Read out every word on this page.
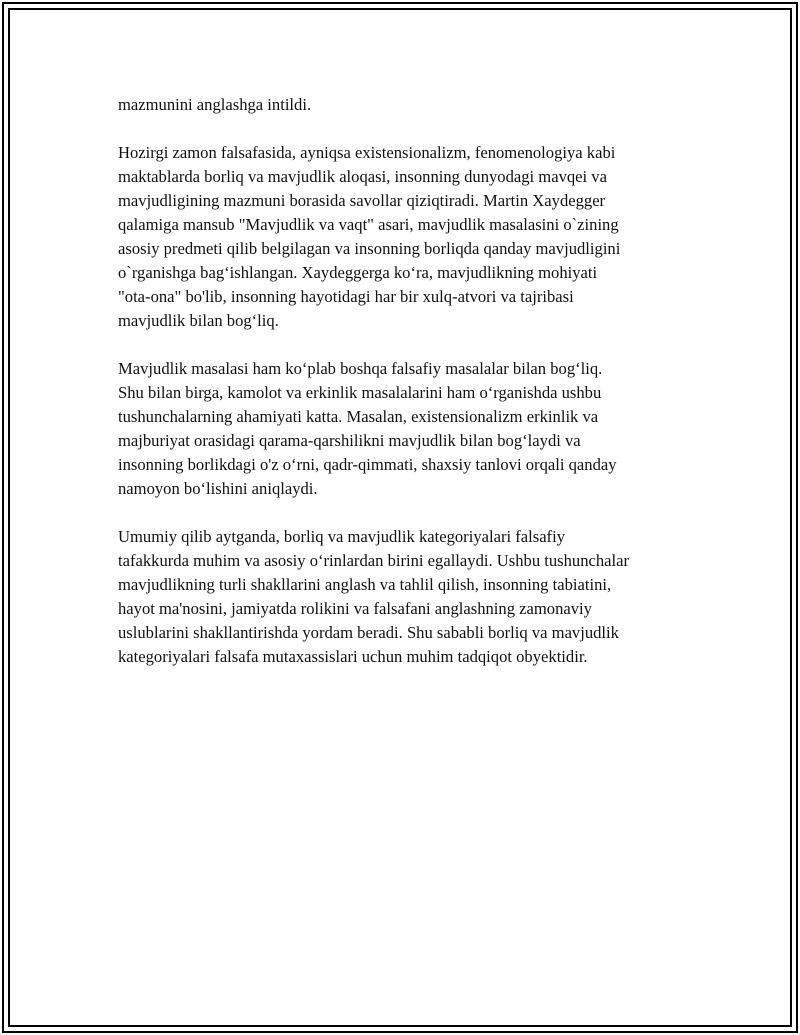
mazmunini anglashga intildi.

Hozirgi zamon falsafasida, ayniqsa existensionalizm, fenomenologiya kabi
maktablarda borliq va mavjudlik aloqasi, insonning dunyodagi mavqei va
mavjudligining mazmuni borasida savollar qiziqtiradi. Martin Xaydegger
qalamiga mansub "Mavjudlik va vaqt" asari, mavjudlik masalasini o`zining
asosiy predmeti qilib belgilagan va insonning borliqda qanday mavjudligini
o`rganishga bag‘ishlangan. Xaydeggerga ko‘ra, mavjudlikning mohiyati
"ota-ona" bo'lib, insonning hayotidagi har bir xulq-atvori va tajribasi
mavjudlik bilan bog‘liq.

Mavjudlik masalasi ham ko‘plab boshqa falsafiy masalalar bilan bog‘liq.
Shu bilan birga, kamolot va erkinlik masalalarini ham o‘rganishda ushbu
tushunchalarning ahamiyati katta. Masalan, existensionalizm erkinlik va
majburiyat orasidagi qarama-qarshilikni mavjudlik bilan bog‘laydi va
insonning borlikdagi o'z o‘rni, qadr-qimmati, shaxsiy tanlovi orqali qanday
namoyon bo‘lishini aniqlaydi.

Umumiy qilib aytganda, borliq va mavjudlik kategoriyalari falsafiy
tafakkurda muhim va asosiy o‘rinlardan birini egallaydi. Ushbu tushunchalar
mavjudlikning turli shakllarini anglash va tahlil qilish, insonning tabiatini,
hayot ma'nosini, jamiyatda rolikini va falsafani anglashning zamonaviy
uslublarini shakllantirishda yordam beradi. Shu sababli borliq va mavjudlik
kategoriyalari falsafa mutaxassislari uchun muhim tadqiqot obyektidir.
